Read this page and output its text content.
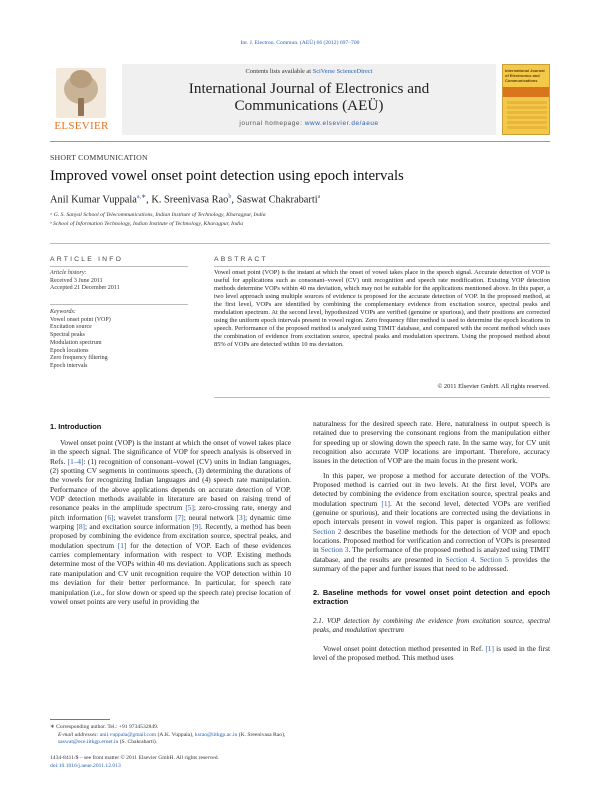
Int. J. Electron. Commun. (AEÜ) 66 (2012) 697–700
ELSEVIER
Contents lists available at SciVerse ScienceDirect
International Journal of Electronics and
Communications (AEÜ)
journal homepage: www.elsevier.de/aeue
International Journal of Electronics and Communications
SHORT COMMUNICATION
Improved vowel onset point detection using epoch intervals
Anil Kumar Vuppala$^{a,∗}$, K. Sreenivasa Rao$^b$, Saswat Chakrabarti$^a$
ᵃ G. S. Sanyal School of Telecommunications, Indian Institute of Technology, Kharagpur, India
ᵇ School of Information Technology, Indian Institute of Technology, Kharagpur, India
ARTICLE INFO	ABSTRACT
Article history:
Received 3 June 2011
Accepted 21 December 2011
Keywords:
Vowel onset point (VOP)
Excitation source
Spectral peaks
Modulation spectrum
Epoch locations
Zero frequency filtering
Epoch intervals
Vowel onset point (VOP) is the instant at which the onset of vowel takes place in the speech signal. Accurate detection of VOP is useful for applications such as consonant–vowel (CV) unit recognition and speech rate modification. Existing VOP detection methods determine VOPs within 40 ms deviation, which may not be suitable for the applications mentioned above. In this paper, a two level approach using multiple sources of evidence is proposed for the accurate detection of VOP. In the proposed method, at the first level, VOPs are identified by combining the complementary evidence from excitation source, spectral peaks and modulation spectrum. At the second level, hypothesized VOPs are verified (genuine or spurious), and their positions are corrected using the uniform epoch intervals present in vowel region. Zero frequency filter method is used to determine the epoch locations in speech. Performance of the proposed method is analyzed using TIMIT database, and compared with the recent method which uses the combination of evidence from excitation source, spectral peaks and modulation spectrum. Using the proposed method about 85% of VOPs are detected within 10 ms deviation.
© 2011 Elsevier GmbH. All rights reserved.
1. Introduction

Vowel onset point (VOP) is the instant at which the onset of vowel takes place in the speech signal. The significance of VOP for speech analysis is observed in Refs. [1–4]: (1) recognition of consonant–vowel (CV) units in Indian languages, (2) spotting CV segments in continuous speech, (3) determining the durations of the vowels for recognizing Indian languages and (4) speech rate manipulation. Performance of the above applications depends on accurate detection of VOP. VOP detection methods available in literature are based on raising trend of resonance peaks in the amplitude spectrum [5]; zero-crossing rate, energy and pitch information [6]; wavelet transform [7]; neural network [3]; dynamic time warping [8]; and excitation source information [9]. Recently, a method has been proposed by combining the evidence from excitation source, spectral peaks, and modulation spectrum [1] for the detection of VOP. Each of these evidences carries complementary information with respect to VOP. Existing methods determine most of the VOPs within 40 ms deviation. Applications such as speech rate manipulation and CV unit recognition require the VOP detection within 10 ms deviation for their better performance. In particular, for speech rate manipulation (i.e., for slow down or speed up the speech rate) precise location of vowel onset points are very useful in providing the

naturalness for the desired speech rate. Here, naturalness in output speech is retained due to preserving the consonant regions from the manipulation either for speeding up or slowing down the speech rate. In the same way, for CV unit recognition also accurate VOP locations are important. Therefore, accuracy issues in the detection of VOP are the main focus in the present work.

In this paper, we propose a method for accurate detection of the VOPs. Proposed method is carried out in two levels. At the first level, VOPs are detected by combining the evidence from excitation source, spectral peaks and modulation spectrum [1]. At the second level, detected VOPs are verified (genuine or spurious), and their locations are corrected using the deviations in epoch intervals present in vowel region. This paper is organized as follows: Section 2 describes the baseline methods for the detection of VOP and epoch locations. Proposed method for verification and correction of VOPs is presented in Section 3. The performance of the proposed method is analyzed using TIMIT database, and the results are presented in Section 4. Section 5 provides the summary of the paper and further issues that need to be addressed.

2. Baseline methods for vowel onset point detection and epoch extraction
2.1. VOP detection by combining the evidence from excitation source, spectral peaks, and modulation spectrum

Vowel onset point detection method presented in Ref. [1] is used in the first level of the proposed method. This method uses

∗ Corresponding author. Tel.: +91 9734532849.
E-mail addresses: anil.vuppala@gmail.com (A.K. Vuppala), ksrao@iitkgp.ac.in (K. Sreenivasa Rao), saswat@ece.iitkgp.ernet.in (S. Chakrabarti).
1434-8411/$ – see front matter © 2011 Elsevier GmbH. All rights reserved.
doi:10.1016/j.aeue.2011.12.013
